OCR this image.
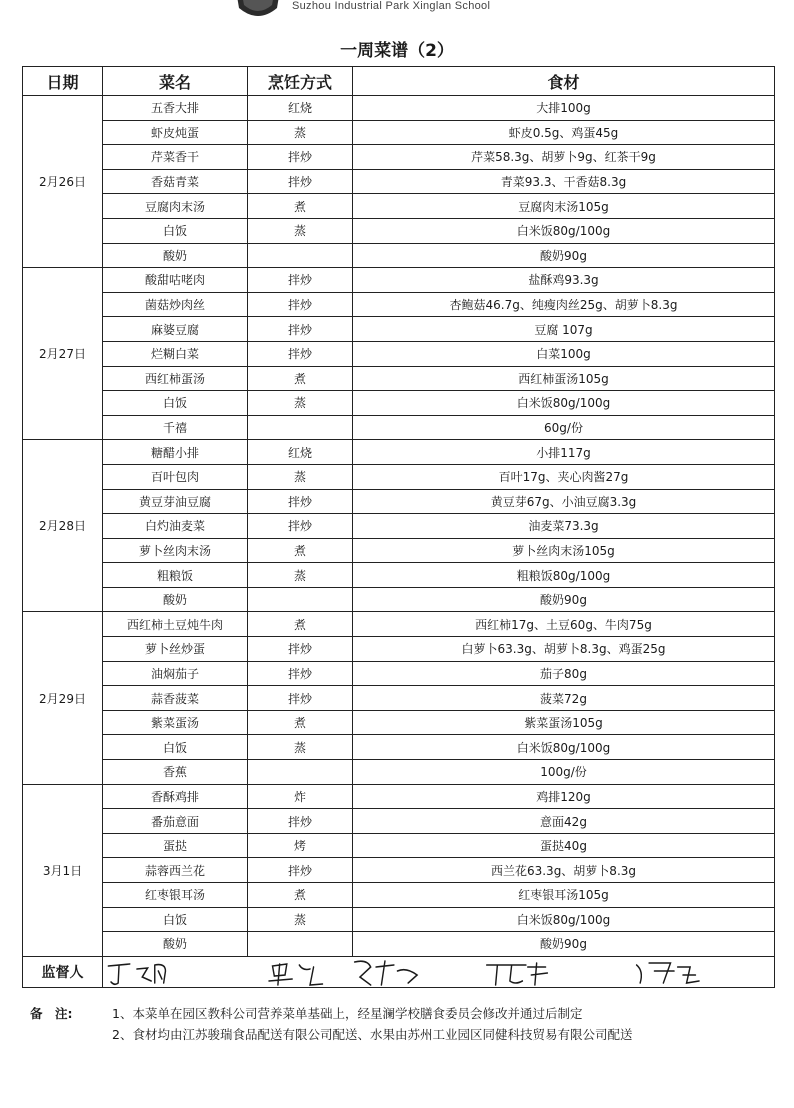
Suzhou Industrial Park Xinglan School
一周菜谱（2）
日期	菜名	烹饪方式	食材
2月26日	五香大排	红烧	大排100g
	虾皮炖蛋	蒸	虾皮0.5g、鸡蛋45g
	芹菜香干	拌炒	芹菜58.3g、胡萝卜9g、红茶干9g
	香菇青菜	拌炒	青菜93.3、干香菇8.3g
	豆腐肉末汤	煮	豆腐肉末汤105g
	白饭	蒸	白米饭80g/100g
	酸奶		酸奶90g
2月27日	酸甜咕咾肉	拌炒	盐酥鸡93.3g
	菌菇炒肉丝	拌炒	杏鲍菇46.7g、纯瘦肉丝25g、胡萝卜8.3g
	麻婆豆腐	拌炒	豆腐 107g
	烂糊白菜	拌炒	白菜100g
	西红柿蛋汤	煮	西红柿蛋汤105g
	白饭	蒸	白米饭80g/100g
	千禧		60g/份
2月28日	糖醋小排	红烧	小排117g
	百叶包肉	蒸	百叶17g、夹心肉酱27g
	黄豆芽油豆腐	拌炒	黄豆芽67g、小油豆腐3.3g
	白灼油麦菜	拌炒	油麦菜73.3g
	萝卜丝肉末汤	煮	萝卜丝肉末汤105g
	粗粮饭	蒸	粗粮饭80g/100g
	酸奶		酸奶90g
2月29日	西红柿土豆炖牛肉	煮	西红柿17g、土豆60g、牛肉75g
	萝卜丝炒蛋	拌炒	白萝卜63.3g、胡萝卜8.3g、鸡蛋25g
	油焖茄子	拌炒	茄子80g
	蒜香菠菜	拌炒	菠菜72g
	紫菜蛋汤	煮	紫菜蛋汤105g
	白饭	蒸	白米饭80g/100g
	香蕉		100g/份
3月1日	香酥鸡排	炸	鸡排120g
	番茄意面	拌炒	意面42g
	蛋挞	烤	蛋挞40g
	蒜蓉西兰花	拌炒	西兰花63.3g、胡萝卜8.3g
	红枣银耳汤	煮	红枣银耳汤105g
	白饭	蒸	白米饭80g/100g
	酸奶		酸奶90g
监督人	
备　注:	1、本菜单在园区教科公司营养菜单基础上，经星澜学校膳食委员会修改并通过后制定
2、食材均由江苏骏瑞食品配送有限公司配送、水果由苏州工业园区同健科技贸易有限公司配送
